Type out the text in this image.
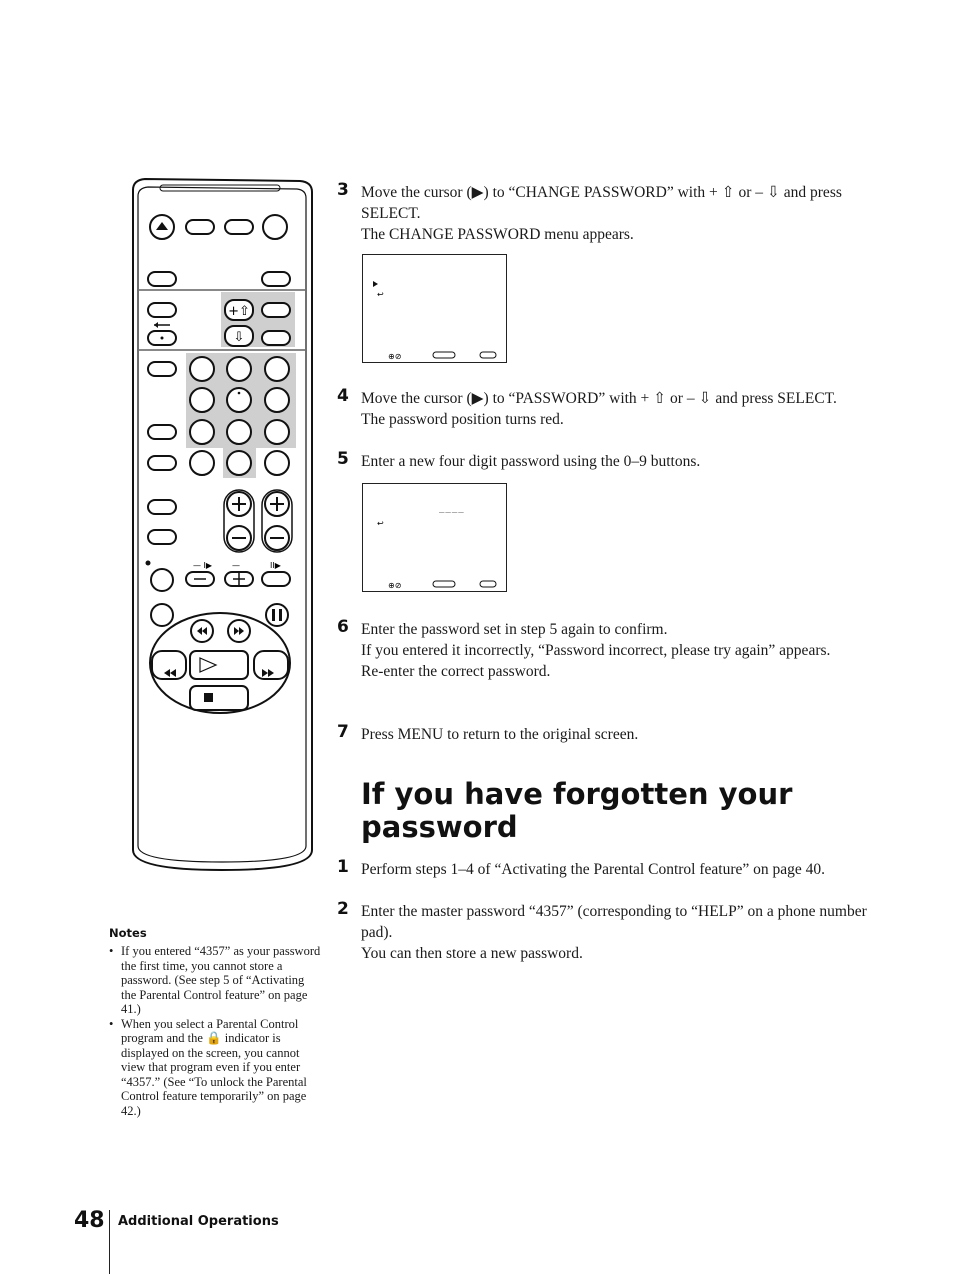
+⇧
⇩
— I▶ —	II▶
Notes
• If you entered “4357” as your password the first time, you cannot store a password. (See step 5 of “Activating the Parental Control feature” on page 41.)
• When you select a Parental Control program and the 🔒 indicator is displayed on the screen, you cannot view that program even if you enter “4357.” (See “To unlock the Parental Control feature temporarily” on page 42.)
3 Move the cursor (▶) to “CHANGE PASSWORD” with + ⇧ or – ⇩ and press SELECT.

The CHANGE PASSWORD menu appears.

↩
⊕⊘
4 Move the cursor (▶) to “PASSWORD” with + ⇧ or – ⇩ and press SELECT.

The password position turns red.

5 Enter a new four digit password using the 0–9 buttons.

____
↩
⊕⊘
6 Enter the password set in step 5 again to confirm.

If you entered it incorrectly, “Password incorrect, please try again” appears.

Re-enter the correct password.

7 Press MENU to return to the original screen.

If you have forgotten your password
1 Perform steps 1–4 of “Activating the Parental Control feature” on page 40.

2 Enter the master password “4357” (corresponding to “HELP” on a phone number pad).

You can then store a new password.

48 Additional Operations
